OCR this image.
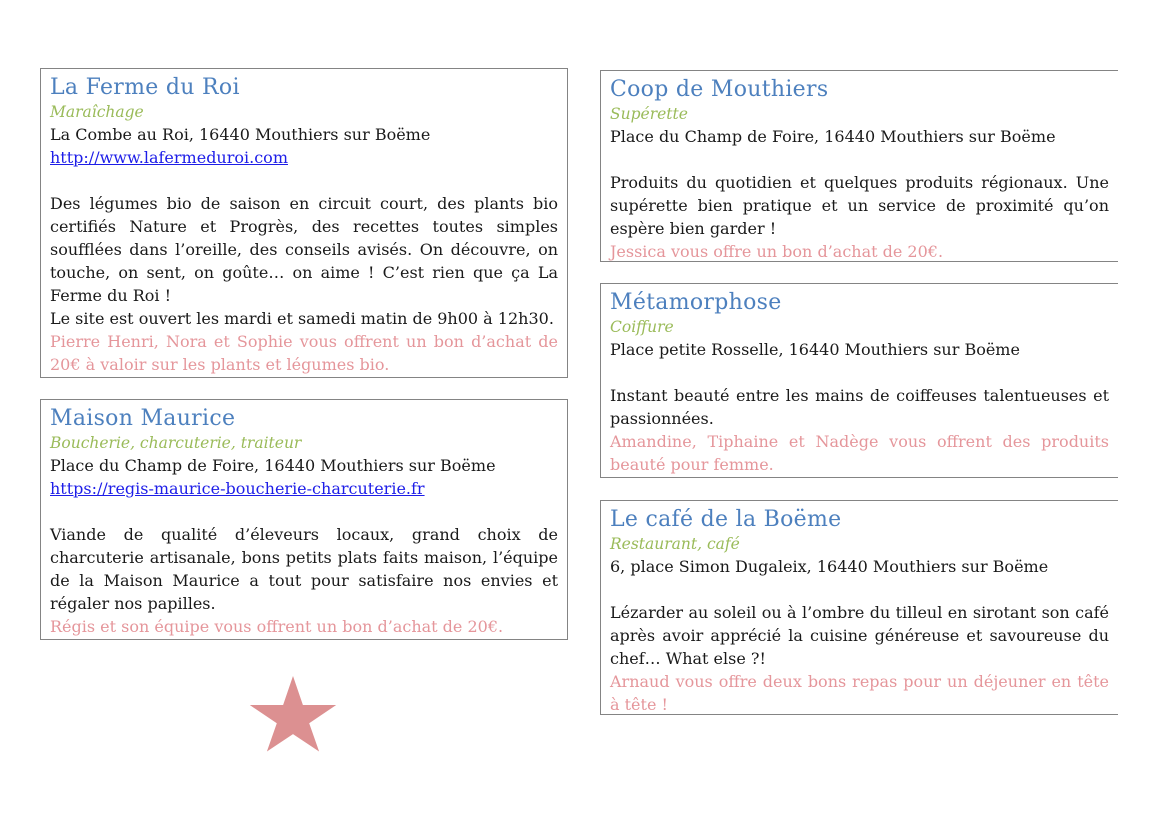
La Ferme du Roi
Maraîchage
La Combe au Roi, 16440 Mouthiers sur Boëme
http://www.lafermeduroi.com

Des légumes bio de saison en circuit court, des plants bio certifiés Nature et Progrès, des recettes toutes simples soufflées dans l’oreille, des conseils avisés. On découvre, on touche, on sent, on goûte… on aime ! C’est rien que ça La Ferme du Roi !

Le site est ouvert les mardi et samedi matin de 9h00 à 12h30.

Pierre Henri, Nora et Sophie vous offrent un bon d’achat de 20€ à valoir sur les plants et légumes bio.

Maison Maurice
Boucherie, charcuterie, traiteur
Place du Champ de Foire, 16440 Mouthiers sur Boëme
https://regis-maurice-boucherie-charcuterie.fr

Viande de qualité d’éleveurs locaux, grand choix de charcuterie artisanale, bons petits plats faits maison, l’équipe de la Maison Maurice a tout pour satisfaire nos envies et régaler nos papilles.

Régis et son équipe vous offrent un bon d’achat de 20€.

Coop de Mouthiers
Supérette
Place du Champ de Foire, 16440 Mouthiers sur Boëme

Produits du quotidien et quelques produits régionaux. Une supérette bien pratique et un service de proximité qu’on espère bien garder !

Jessica vous offre un bon d’achat de 20€.

Métamorphose
Coiffure
Place petite Rosselle, 16440 Mouthiers sur Boëme

Instant beauté entre les mains de coiffeuses talentueuses et passionnées.

Amandine, Tiphaine et Nadège vous offrent des produits beauté pour femme.

Le café de la Boëme
Restaurant, café
6, place Simon Dugaleix, 16440 Mouthiers sur Boëme

Lézarder au soleil ou à l’ombre du tilleul en sirotant son café après avoir apprécié la cuisine généreuse et savoureuse du chef… What else ?!

Arnaud vous offre deux bons repas pour un déjeuner en tête à tête !
